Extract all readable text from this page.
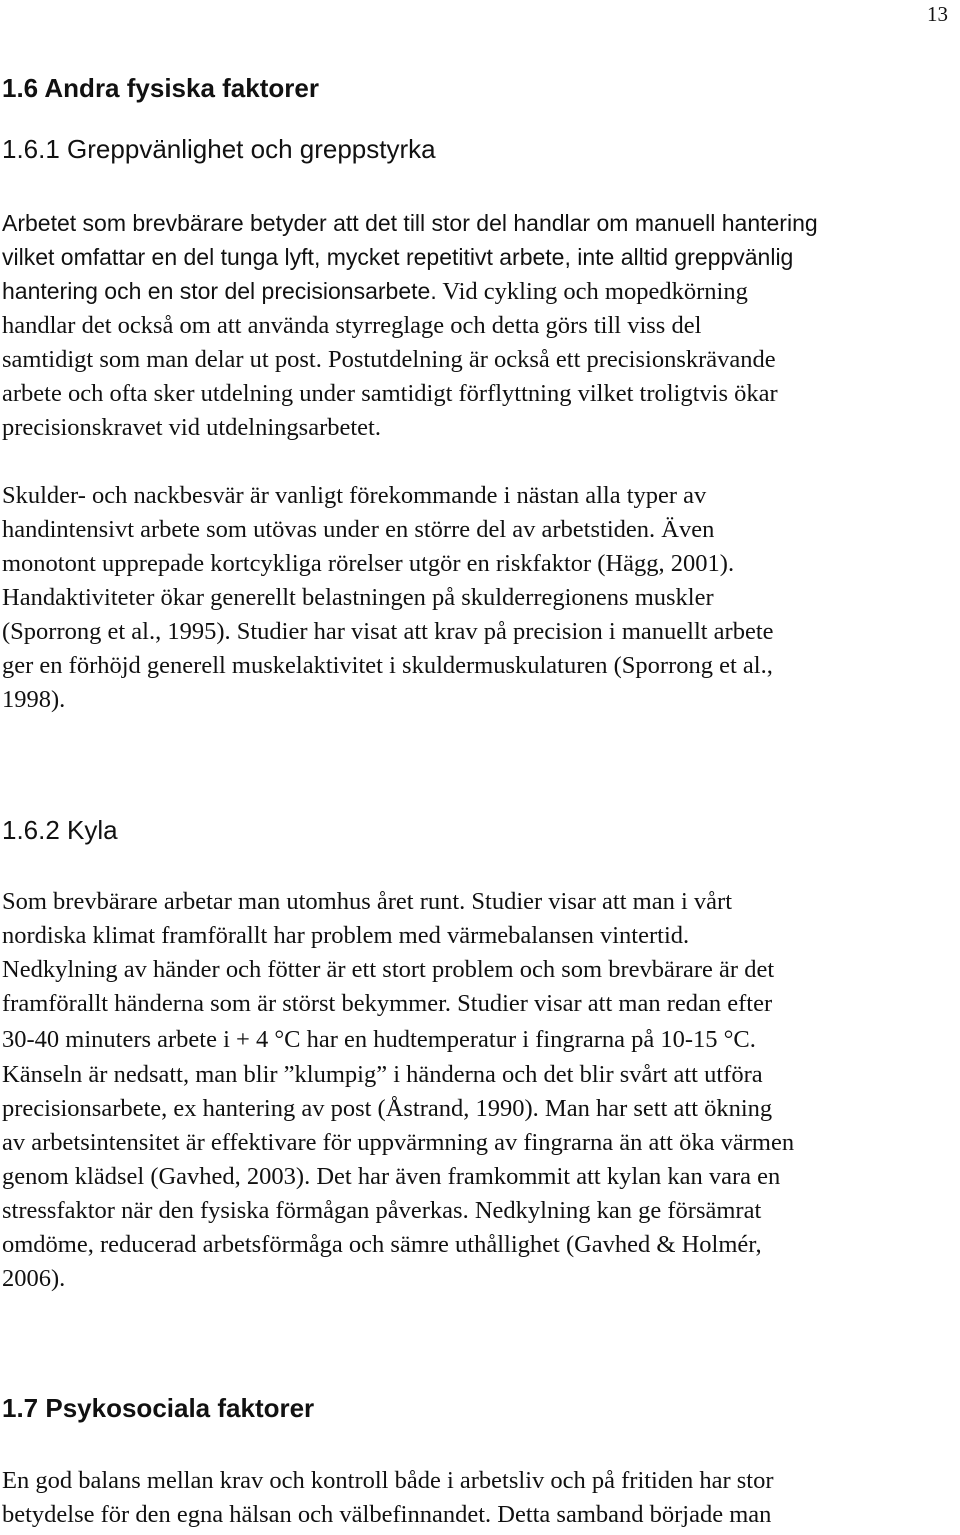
13
1.6 Andra fysiska faktorer
1.6.1 Greppvänlighet och greppstyrka
Arbetet som brevbärare betyder att det till stor del handlar om manuell hantering
vilket omfattar en del tunga lyft, mycket repetitivt arbete, inte alltid greppvänlig
hantering och en stor del precisionsarbete. Vid cykling och mopedkörning
handlar det också om att använda styrreglage och detta görs till viss del
samtidigt som man delar ut post. Postutdelning är också ett precisionskrävande
arbete och ofta sker utdelning under samtidigt förflyttning vilket troligtvis ökar
precisionskravet vid utdelningsarbetet.
Skulder- och nackbesvär är vanligt förekommande i nästan alla typer av
handintensivt arbete som utövas under en större del av arbetstiden. Även
monotont upprepade kortcykliga rörelser utgör en riskfaktor (Hägg, 2001).
Handaktiviteter ökar generellt belastningen på skulderregionens muskler
(Sporrong et al., 1995). Studier har visat att krav på precision i manuellt arbete
ger en förhöjd generell muskelaktivitet i skuldermuskulaturen (Sporrong et al.,
1998).
1.6.2 Kyla
Som brevbärare arbetar man utomhus året runt. Studier visar att man i vårt
nordiska klimat framförallt har problem med värmebalansen vintertid.
Nedkylning av händer och fötter är ett stort problem och som brevbärare är det
framförallt händerna som är störst bekymmer. Studier visar att man redan efter
30-40 minuters arbete i + 4 °C har en hudtemperatur i fingrarna på 10-15 °C.
Känseln är nedsatt, man blir ”klumpig” i händerna och det blir svårt att utföra
precisionsarbete, ex hantering av post (Åstrand, 1990). Man har sett att ökning
av arbetsintensitet är effektivare för uppvärmning av fingrarna än att öka värmen
genom klädsel (Gavhed, 2003). Det har även framkommit att kylan kan vara en
stressfaktor när den fysiska förmågan påverkas. Nedkylning kan ge försämrat
omdöme, reducerad arbetsförmåga och sämre uthållighet (Gavhed & Holmér,
2006).
1.7 Psykosociala faktorer
En god balans mellan krav och kontroll både i arbetsliv och på fritiden har stor
betydelse för den egna hälsan och välbefinnandet. Detta samband började man
